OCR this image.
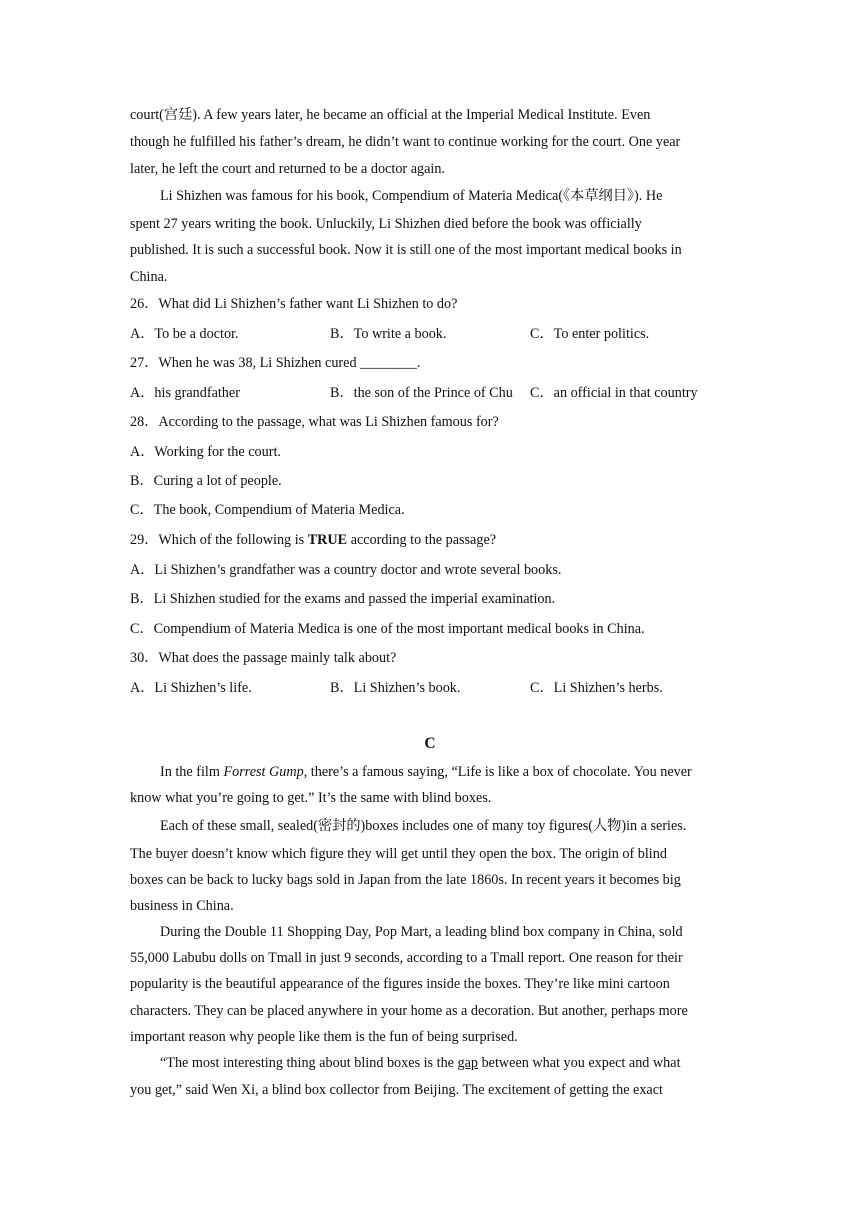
court(宫廷). A few years later, he became an official at the Imperial Medical Institute. Even
though he fulfilled his father’s dream, he didn’t want to continue working for the court. One year
later, he left the court and returned to be a doctor again.
Li Shizhen was famous for his book, Compendium of Materia Medica(《本草纲目》). He
spent 27 years writing the book. Unluckily, Li Shizhen died before the book was officially
published. It is such a successful book. Now it is still one of the most important medical books in
China.
26．What did Li Shizhen’s father want Li Shizhen to do?
A．To be a doctor.	B．To write a book.	C．To enter politics.
27．When he was 38, Li Shizhen cured ________.
A．his grandfather	B．the son of the Prince of Chu C．an official in that country
28．According to the passage, what was Li Shizhen famous for?
A．Working for the court.
B．Curing a lot of people.
C．The book, Compendium of Materia Medica.
29．Which of the following is TRUE according to the passage?
A．Li Shizhen’s grandfather was a country doctor and wrote several books.
B．Li Shizhen studied for the exams and passed the imperial examination.
C．Compendium of Materia Medica is one of the most important medical books in China.
30．What does the passage mainly talk about?
A．Li Shizhen’s life.	B．Li Shizhen’s book.	C．Li Shizhen’s herbs.
C
In the film Forrest Gump, there’s a famous saying, “Life is like a box of chocolate. You never
know what you’re going to get.” It’s the same with blind boxes.
Each of these small, sealed(密封的)boxes includes one of many toy figures(人物)in a series.
The buyer doesn’t know which figure they will get until they open the box. The origin of blind
boxes can be back to lucky bags sold in Japan from the late 1860s. In recent years it becomes big
business in China.
During the Double 11 Shopping Day, Pop Mart, a leading blind box company in China, sold
55,000 Labubu dolls on Tmall in just 9 seconds, according to a Tmall report. One reason for their
popularity is the beautiful appearance of the figures inside the boxes. They’re like mini cartoon
characters. They can be placed anywhere in your home as a decoration. But another, perhaps more
important reason why people like them is the fun of being surprised.
“The most interesting thing about blind boxes is the gap between what you expect and what
you get,” said Wen Xi, a blind box collector from Beijing. The excitement of getting the exact
